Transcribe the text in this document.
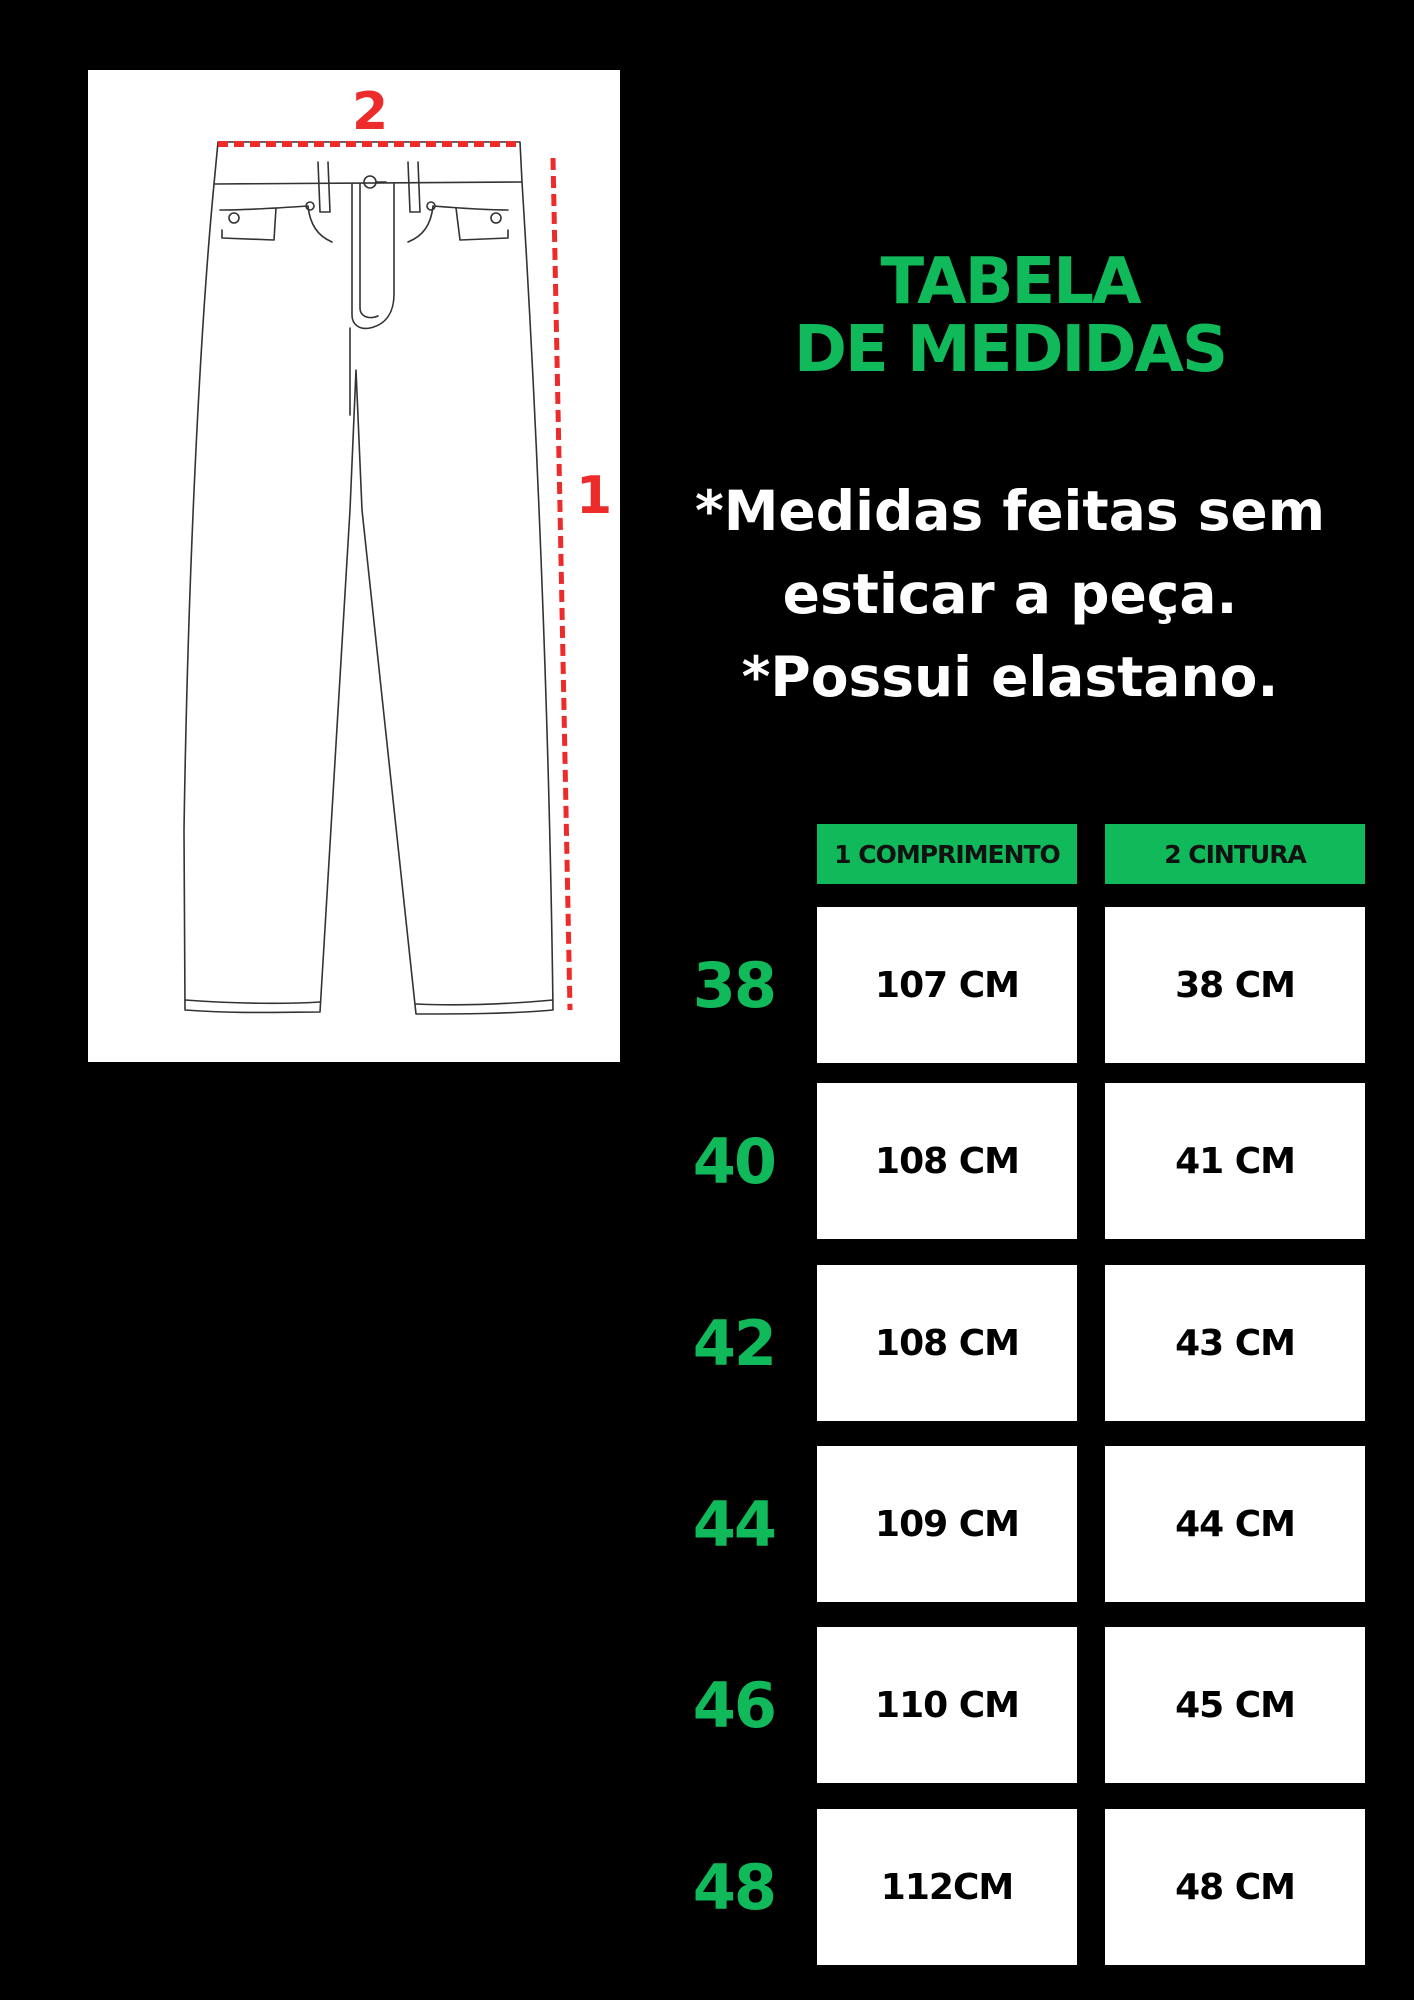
2
1
TABELA
DE MEDIDAS
*Medidas feitas sem
esticar a peça.
*Possui elastano.
1 COMPRIMENTO	2 CINTURA
38	107 CM	38 CM
40	108 CM	41 CM
42	108 CM	43 CM
44	109 CM	44 CM
46	110 CM	45 CM
48	112CM	48 CM
